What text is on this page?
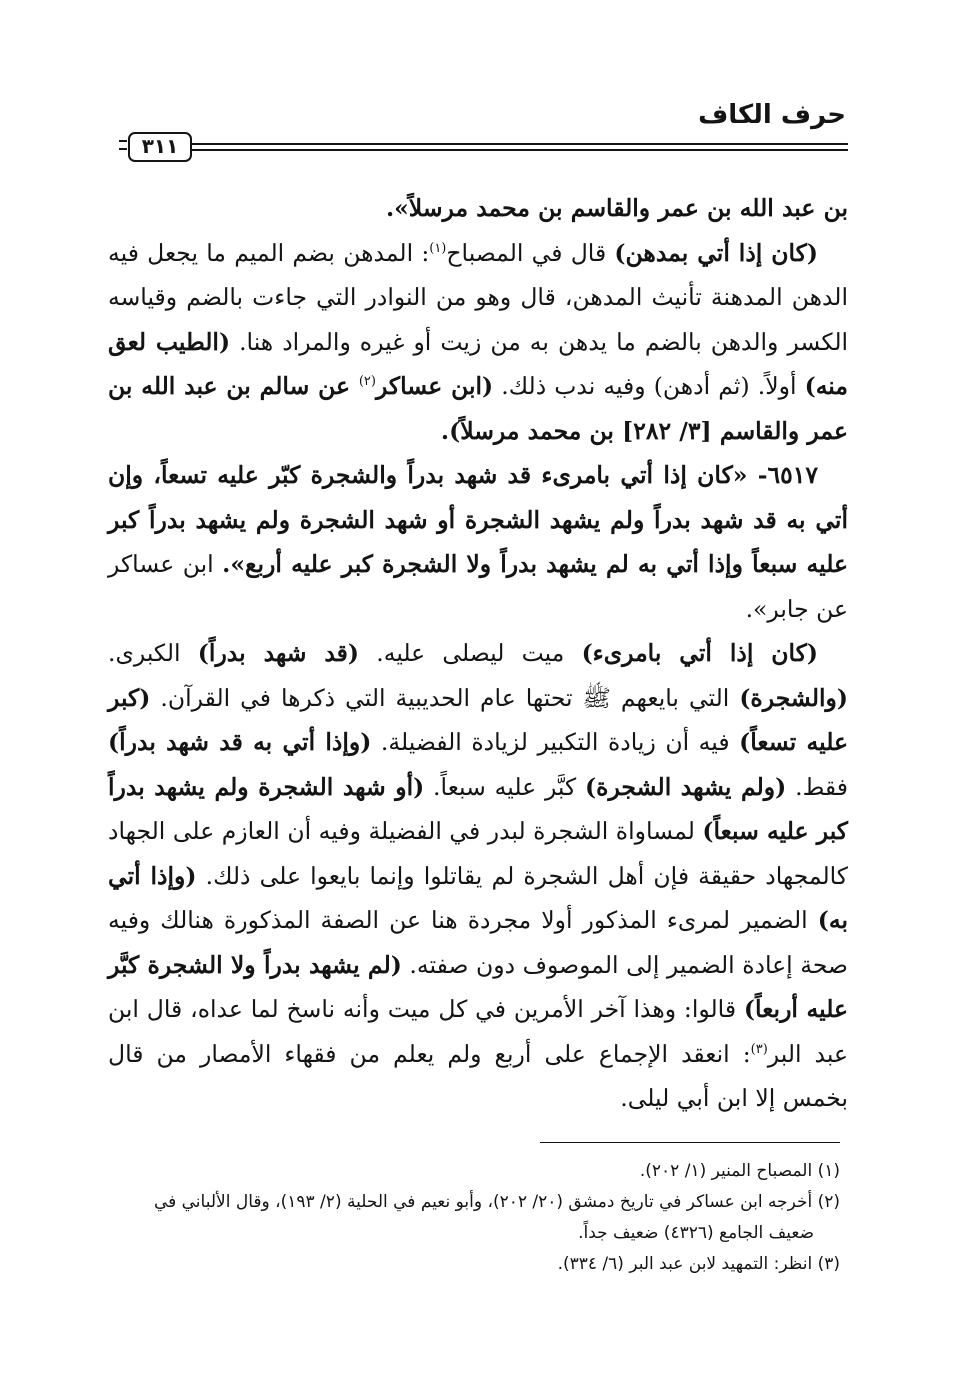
حرف الكاف
٣١١

بن عبد الله بن عمر والقاسم بن محمد مرسلاً».

(كان إذا أتي بمدهن) قال في المصباح$^{(١)}$: المدهن بضم الميم ما يجعل فيه الدهن المدهنة تأنيث المدهن، قال وهو من النوادر التي جاءت بالضم وقياسه الكسر والدهن بالضم ما يدهن به من زيت أو غيره والمراد هنا. (الطيب لعق منه) أولاً. (ثم أدهن) وفيه ندب ذلك. (ابن عساكر$^{(٢)}$ عن سالم بن عبد الله بن عمر والقاسم [٣/ ٢٨٢] بن محمد مرسلاً).

٦٥١٧- «كان إذا أتي بامرىء قد شهد بدراً والشجرة كبّر عليه تسعاً، وإن أتي به قد شهد بدراً ولم يشهد الشجرة أو شهد الشجرة ولم يشهد بدراً كبر عليه سبعاً وإذا أتي به لم يشهد بدراً ولا الشجرة كبر عليه أربع». ابن عساكر عن جابر».

(كان إذا أتي بامرىء) ميت ليصلى عليه. (قد شهد بدراً) الكبرى. (والشجرة) التي بايعهم ﷺ تحتها عام الحديبية التي ذكرها في القرآن. (كبر عليه تسعاً) فيه أن زيادة التكبير لزيادة الفضيلة. (وإذا أتي به قد شهد بدراً) فقط. (ولم يشهد الشجرة) كبَّر عليه سبعاً. (أو شهد الشجرة ولم يشهد بدراً كبر عليه سبعاً) لمساواة الشجرة لبدر في الفضيلة وفيه أن العازم على الجهاد كالمجهاد حقيقة فإن أهل الشجرة لم يقاتلوا وإنما بايعوا على ذلك. (وإذا أتي به) الضمير لمرىء المذكور أولا مجردة هنا عن الصفة المذكورة هنالك وفيه صحة إعادة الضمير إلى الموصوف دون صفته. (لم يشهد بدراً ولا الشجرة كبَّر عليه أربعاً) قالوا: وهذا آخر الأمرين في كل ميت وأنه ناسخ لما عداه، قال ابن عبد البر$^{(٣)}$: انعقد الإجماع على أربع ولم يعلم من فقهاء الأمصار من قال بخمس إلا ابن أبي ليلى.

(١) المصباح المنير (١/ ٢٠٢).
(٢) أخرجه ابن عساكر في تاريخ دمشق (٢٠/ ٢٠٢)، وأبو نعيم في الحلية (٢/ ١٩٣)، وقال الألباني في
ضعيف الجامع (٤٣٢٦) ضعيف جداً.
(٣) انظر: التمهيد لابن عبد البر (٦/ ٣٣٤).
